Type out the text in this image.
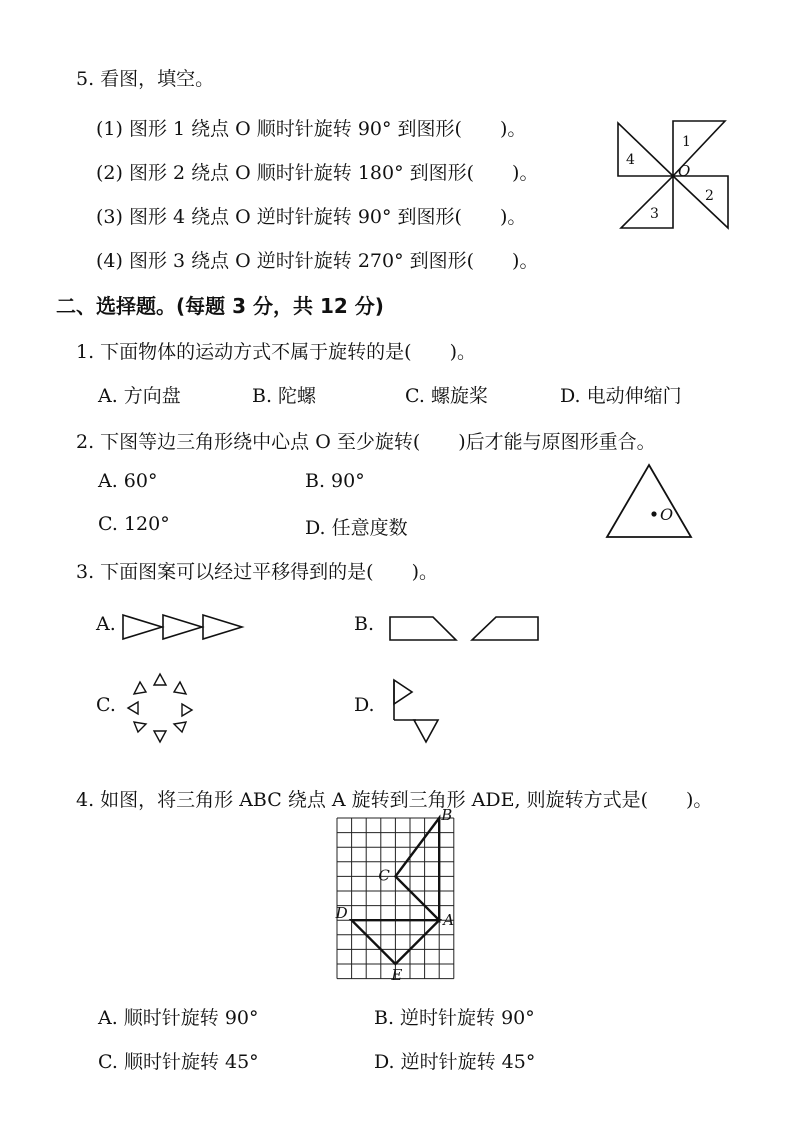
5. 看图，填空。
(1) 图形 1 绕点 O 顺时针旋转 90° 到图形(　　)。
(2) 图形 2 绕点 O 顺时针旋转 180° 到图形(　　)。
(3) 图形 4 绕点 O 逆时针旋转 90° 到图形(　　)。
(4) 图形 3 绕点 O 逆时针旋转 270° 到图形(　　)。
1
2
3
4
O
二、选择题。(每题 3 分，共 12 分)
1. 下面物体的运动方式不属于旋转的是(　　)。
A. 方向盘	B. 陀螺	C. 螺旋桨	D. 电动伸缩门
2. 下图等边三角形绕中心点 O 至少旋转(　　)后才能与原图形重合。
A. 60°	B. 90°
C. 120°	D. 任意度数
O
3. 下面图案可以经过平移得到的是(　　)。
A.	B.
C.	D.
4. 如图，将三角形 ABC 绕点 A 旋转到三角形 ADE, 则旋转方式是(　　)。
A
B
C
D
E
A. 顺时针旋转 90°	B. 逆时针旋转 90°
C. 顺时针旋转 45°	D. 逆时针旋转 45°
